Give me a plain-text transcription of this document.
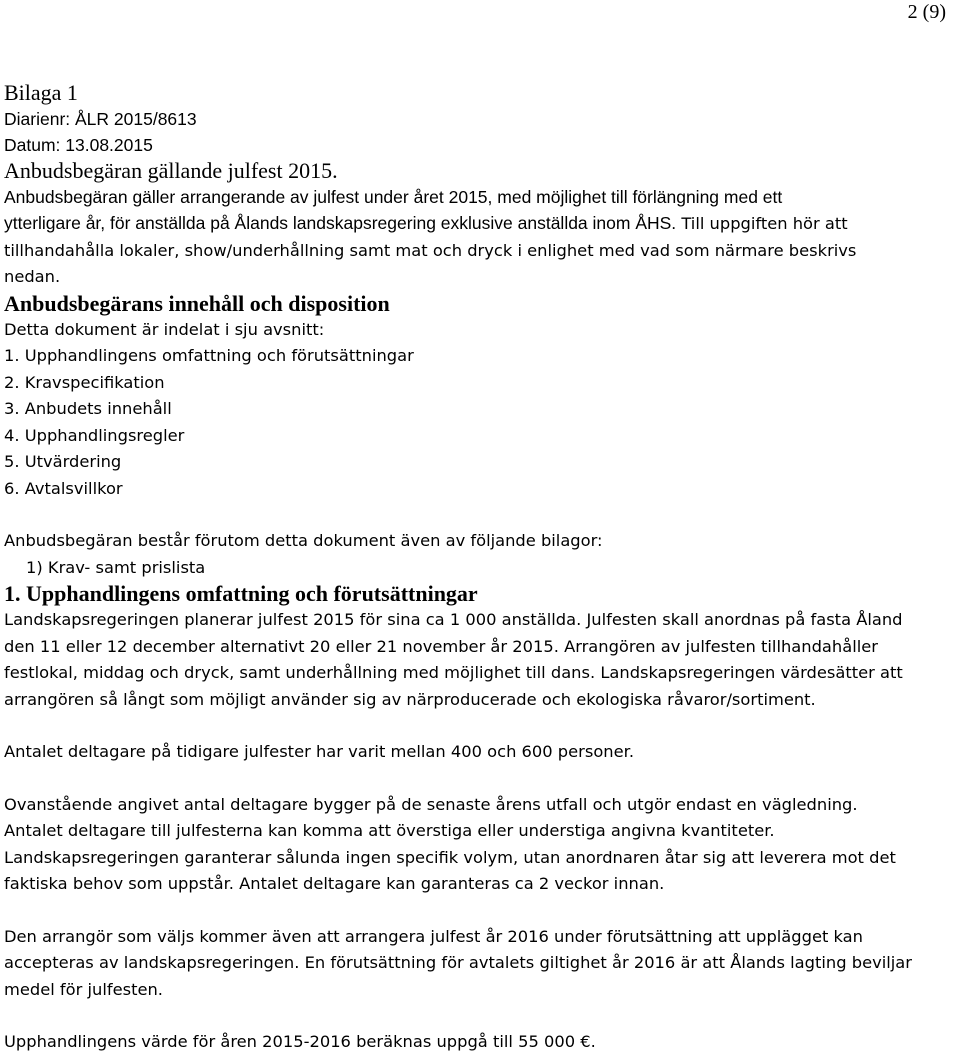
2 (9)
Bilaga 1
Diarienr: ÅLR 2015/8613
Datum: 13.08.2015
Anbudsbegäran gällande julfest 2015.
Anbudsbegäran gäller arrangerande av julfest under året 2015, med möjlighet till förlängning med ett
ytterligare år, för anställda på Ålands landskapsregering exklusive anställda inom ÅHS. Till uppgiften hör att
tillhandahålla lokaler, show/underhållning samt mat och dryck i enlighet med vad som närmare beskrivs
nedan.
Anbudsbegärans innehåll och disposition
Detta dokument är indelat i sju avsnitt:
1. Upphandlingens omfattning och förutsättningar
2. Kravspecifikation
3. Anbudets innehåll
4. Upphandlingsregler
5. Utvärdering
6. Avtalsvillkor
Anbudsbegäran består förutom detta dokument även av följande bilagor:
1) Krav- samt prislista
1. Upphandlingens omfattning och förutsättningar
Landskapsregeringen planerar julfest 2015 för sina ca 1 000 anställda. Julfesten skall anordnas på fasta Åland
den 11 eller 12 december alternativt 20 eller 21 november år 2015. Arrangören av julfesten tillhandahåller
festlokal, middag och dryck, samt underhållning med möjlighet till dans. Landskapsregeringen värdesätter att
arrangören så långt som möjligt använder sig av närproducerade och ekologiska råvaror/sortiment.
Antalet deltagare på tidigare julfester har varit mellan 400 och 600 personer.
Ovanstående angivet antal deltagare bygger på de senaste årens utfall och utgör endast en vägledning.
Antalet deltagare till julfesterna kan komma att överstiga eller understiga angivna kvantiteter.
Landskapsregeringen garanterar sålunda ingen specifik volym, utan anordnaren åtar sig att leverera mot det
faktiska behov som uppstår. Antalet deltagare kan garanteras ca 2 veckor innan.
Den arrangör som väljs kommer även att arrangera julfest år 2016 under förutsättning att upplägget kan
accepteras av landskapsregeringen. En förutsättning för avtalets giltighet år 2016 är att Ålands lagting beviljar
medel för julfesten.
Upphandlingens värde för åren 2015-2016 beräknas uppgå till 55 000 €.
